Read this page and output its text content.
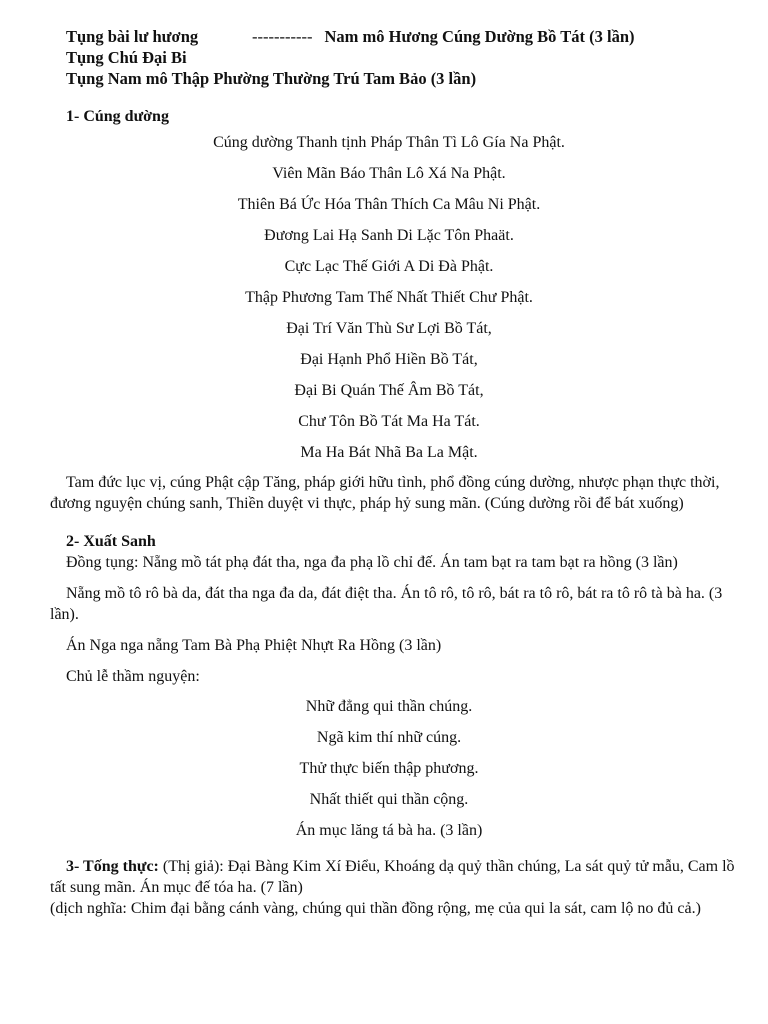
Tụng bài lư hương	----------- Nam mô Hương Cúng Dường Bồ Tát (3 lần)
Tụng Chú Đại Bi
Tụng Nam mô Thập Phường Thường Trú Tam Bảo (3 lần)
1- Cúng dường
Cúng dường Thanh tịnh Pháp Thân Tì Lô Gía Na Phật.
Viên Mãn Báo Thân Lô Xá Na Phật.
Thiên Bá Ức Hóa Thân Thích Ca Mâu Ni Phật.
Đương Lai Hạ Sanh Di Lặc Tôn Phaät.
Cực Lạc Thế Giới A Di Đà Phật.
Thập Phương Tam Thế Nhất Thiết Chư Phật.
Đại Trí Văn Thù Sư Lợi Bồ Tát,
Đại Hạnh Phổ Hiền Bồ Tát,
Đại Bi Quán Thế Âm Bồ Tát,
Chư Tôn Bồ Tát Ma Ha Tát.
Ma Ha Bát Nhã Ba La Mật.
Tam đức lục vị, cúng Phật cập Tăng, pháp giới hữu tình, phổ đồng cúng dường, nhược phạn thực thời, đương nguyện chúng sanh, Thiền duyệt vi thực, pháp hỷ sung mãn. (Cúng dường rồi để bát xuống)
2- Xuất Sanh
Đồng tụng: Nẵng mồ tát phạ đát tha, nga đa phạ lồ chỉ đế. Án tam bạt ra tam bạt ra hồng (3 lần)
Nẵng mồ tô rô bà da, đát tha nga đa da, đát điệt tha. Án tô rô, tô rô, bát ra tô rô, bát ra tô rô tà bà ha. (3 lần).
Án Nga nga nẵng Tam Bà Phạ Phiệt Nhựt Ra Hồng (3 lần)
Chủ lễ thầm nguyện:
Nhữ đẳng qui thần chúng.
Ngã kim thí nhữ cúng.
Thử thực biến thập phương.
Nhất thiết qui thần cộng.
Án mục lăng tá bà ha. (3 lần)
3- Tống thực: (Thị giả): Đại Bàng Kim Xí Điểu, Khoáng dạ quỷ thần chúng, La sát quỷ tử mẫu, Cam lồ tất sung mãn. Án mục đế tóa ha. (7 lần)
(dịch nghĩa: Chim đại bằng cánh vàng, chúng qui thần đồng rộng, mẹ của qui la sát, cam lộ no đủ cả.)
